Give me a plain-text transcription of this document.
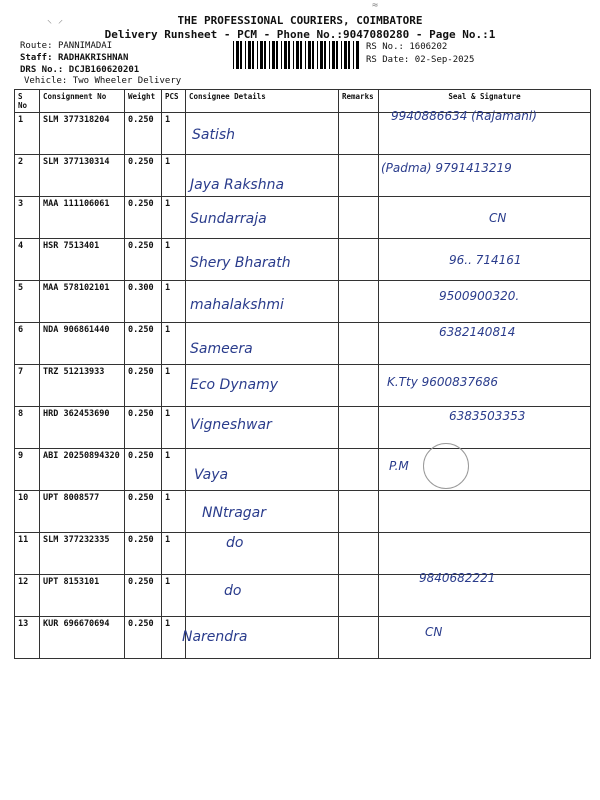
THE PROFESSIONAL COURIERS, COIMBATORE
Delivery Runsheet - PCM - Phone No.:9047080280 - Page No.:1
Route: PANNIMADAI
Staff: RADHAKRISHNAN
DRS No.: DCJB160620201
Vehicle: Two Wheeler Delivery
RS No.: 1606202
RS Date: 02-Sep-2025
S No	Consignment No	Weight	PCS	Consignee Details	Remarks	Seal & Signature
1	SLM 377318204	0.250	1	Satish		9940886634 (Rajamani)

2	SLM 377130314	0.250	1	Jaya Rakshna		(Padma) 9791413219

3	MAA 111106061	0.250	1	Sundarraja		CN

4	HSR 7513401	0.250	1	Shery Bharath		96.. 714161

5	MAA 578102101	0.300	1	mahalakshmi		9500900320.

6	NDA 906861440	0.250	1	Sameera		6382140814

7	TRZ 51213933	0.250	1	Eco Dynamy		K.Tty 9600837686

8	HRD 362453690	0.250	1	Vigneshwar		6383503353

9	ABI 20250894320	0.250	1	Vaya		P.M

10	UPT 8008577	0.250	1	NNtragar		

11	SLM 377232335	0.250	1	do		

12	UPT 8153101	0.250	1	do		9840682221

13	KUR 696670694	0.250	1	Narendra		CN
⸌ ⸍
≈
